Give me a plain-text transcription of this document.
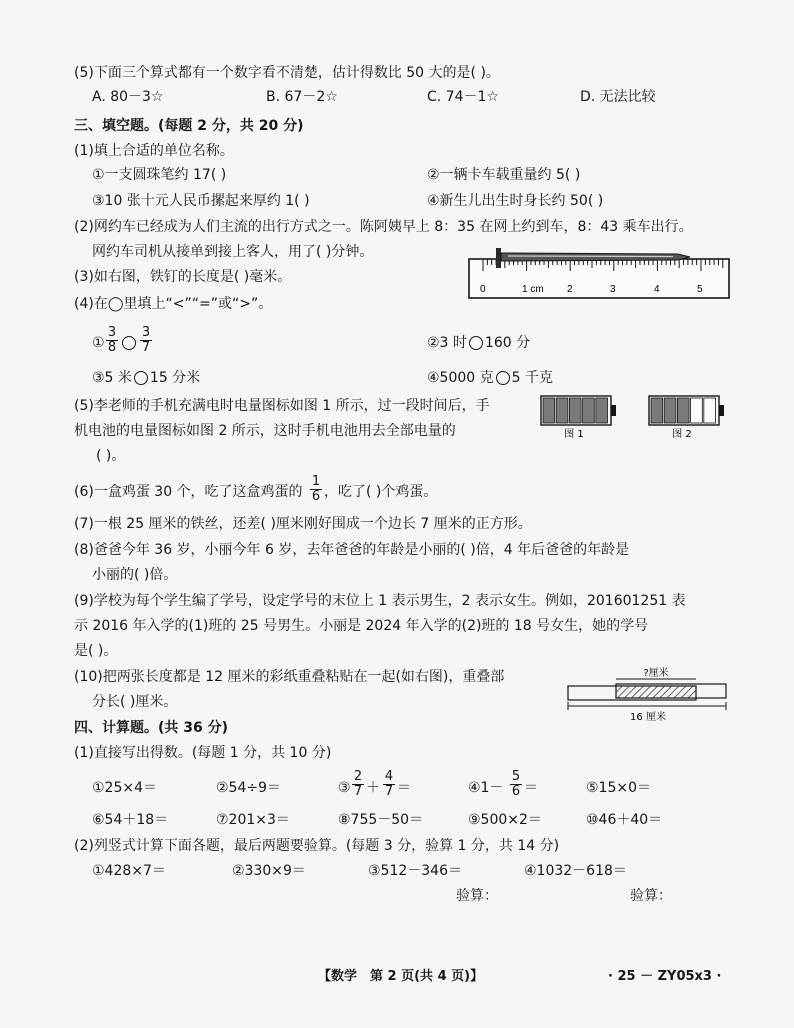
(5)下面三个算式都有一个数字看不清楚，估计得数比 50 大的是( )。
A. 80－3☆	B. 67－2☆	C. 74－1☆	D. 无法比较
三、填空题。(每题 2 分，共 20 分)
(1)填上合适的单位名称。
①一支圆珠笔约 17( )	②一辆卡车载重量约 5( )
③10 张十元人民币摞起来厚约 1( )	④新生儿出生时身长约 50( )
(2)网约车已经成为人们主流的出行方式之一。陈阿姨早上 8：35 在网上约到车，8：43 乘车出行。
网约车司机从接单到接上客人，用了( )分钟。
(3)如右图，铁钉的长度是( )毫米。
0	1 cm 2	3	4	5
(4)在◯里填上“<”“=”或“>”。
① $\frac{3}{8} \frac{3}{7}$	②3 时 160 分
③5 米 15 分米	④5000 克 5 千克
(5)李老师的手机充满电时电量图标如图 1 所示，过一段时间后，手
机电池的电量图标如图 2 所示，这时手机电池用去全部电量的
( )。
图 1	图 2
(6)一盒鸡蛋 30 个，吃了这盒鸡蛋的 $\frac{1}{6}$ ，吃了( )个鸡蛋。
(7)一根 25 厘米的铁丝，还差( )厘米刚好围成一个边长 7 厘米的正方形。
(8)爸爸今年 36 岁，小丽今年 6 岁，去年爸爸的年龄是小丽的( )倍，4 年后爸爸的年龄是
小丽的( )倍。
(9)学校为每个学生编了学号，设定学号的末位上 1 表示男生，2 表示女生。例如，201601251 表
示 2016 年入学的(1)班的 25 号男生。小丽是 2024 年入学的(2)班的 18 号女生，她的学号
是( )。
(10)把两张长度都是 12 厘米的彩纸重叠粘贴在一起(如右图)，重叠部
分长( )厘米。
?厘米
16 厘米
四、计算题。(共 36 分)
(1)直接写出得数。(每题 1 分，共 10 分)
①25×4＝	②54÷9＝	③ $\frac{2}{7} + \frac{4}{7}$ ＝	④1－ $\frac{5}{6}$ ＝	⑤15×0＝
⑥54＋18＝	⑦201×3＝	⑧755－50＝	⑨500×2＝	⑩46＋40＝
(2)列竖式计算下面各题，最后两题要验算。(每题 3 分，验算 1 分，共 14 分)
①428×7＝	②330×9＝	③512－346＝	④1032－618＝
验算：	验算：
【数学　第 2 页(共 4 页)】	· 25 － ZY05x3 ·
